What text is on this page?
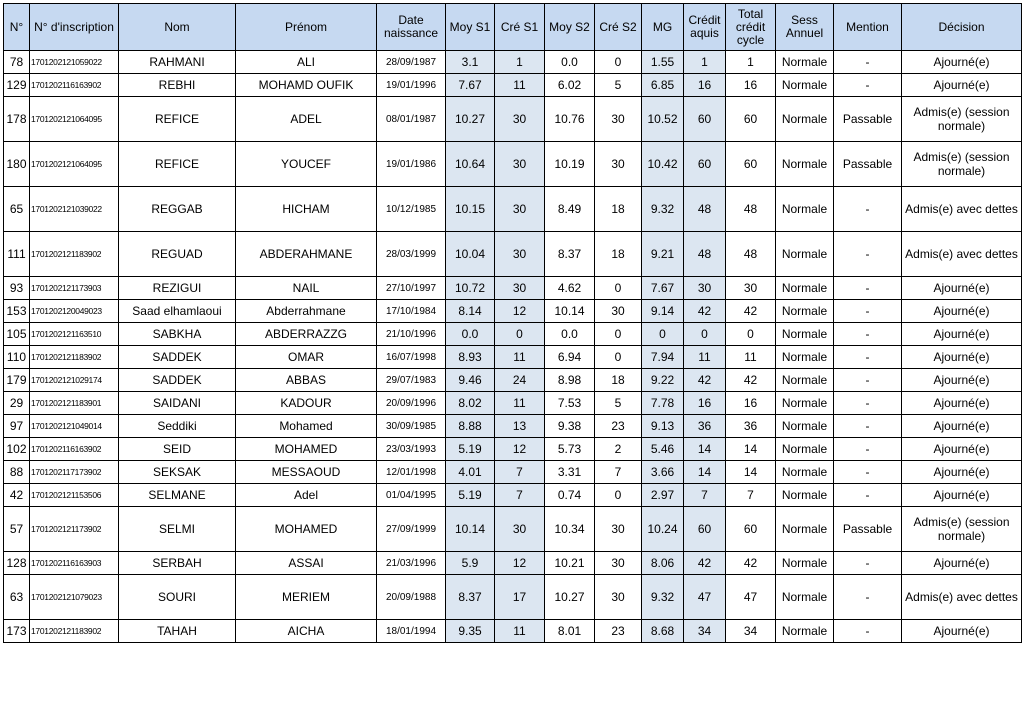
N°	N° d'inscription	Nom	Prénom	Date naissance	Moy S1	Cré S1	Moy S2	Cré S2	MG	Crédit aquis	Total crédit cycle	Sess Annuel	Mention	Décision
78	1701202121059022	RAHMANI	ALI	28/09/1987	3.1	1	0.0	0	1.55	1	1	Normale	-	Ajourné(e)
129	1701202116163902	REBHI	MOHAMD OUFIK	19/01/1996	7.67	11	6.02	5	6.85	16	16	Normale	-	Ajourné(e)
178	1701202121064095	REFICE	ADEL	08/01/1987	10.27	30	10.76	30	10.52	60	60	Normale	Passable	Admis(e) (session normale)
180	1701202121064095	REFICE	YOUCEF	19/01/1986	10.64	30	10.19	30	10.42	60	60	Normale	Passable	Admis(e) (session normale)
65	1701202121039022	REGGAB	HICHAM	10/12/1985	10.15	30	8.49	18	9.32	48	48	Normale	-	Admis(e) avec dettes
111	1701202121183902	REGUAD	ABDERAHMANE	28/03/1999	10.04	30	8.37	18	9.21	48	48	Normale	-	Admis(e) avec dettes
93	1701202121173903	REZIGUI	NAIL	27/10/1997	10.72	30	4.62	0	7.67	30	30	Normale	-	Ajourné(e)
153	1701202120049023	Saad elhamlaoui	Abderrahmane	17/10/1984	8.14	12	10.14	30	9.14	42	42	Normale	-	Ajourné(e)
105	1701202121163510	SABKHA	ABDERRAZZG	21/10/1996	0.0	0	0.0	0	0	0	0	Normale	-	Ajourné(e)
110	1701202121183902	SADDEK	OMAR	16/07/1998	8.93	11	6.94	0	7.94	11	11	Normale	-	Ajourné(e)
179	1701202121029174	SADDEK	ABBAS	29/07/1983	9.46	24	8.98	18	9.22	42	42	Normale	-	Ajourné(e)
29	1701202121183901	SAIDANI	KADOUR	20/09/1996	8.02	11	7.53	5	7.78	16	16	Normale	-	Ajourné(e)
97	1701202121049014	Seddiki	Mohamed	30/09/1985	8.88	13	9.38	23	9.13	36	36	Normale	-	Ajourné(e)
102	1701202116163902	SEID	MOHAMED	23/03/1993	5.19	12	5.73	2	5.46	14	14	Normale	-	Ajourné(e)
88	1701202117173902	SEKSAK	MESSAOUD	12/01/1998	4.01	7	3.31	7	3.66	14	14	Normale	-	Ajourné(e)
42	1701202121153506	SELMANE	Adel	01/04/1995	5.19	7	0.74	0	2.97	7	7	Normale	-	Ajourné(e)
57	1701202121173902	SELMI	MOHAMED	27/09/1999	10.14	30	10.34	30	10.24	60	60	Normale	Passable	Admis(e) (session normale)
128	1701202116163903	SERBAH	ASSAI	21/03/1996	5.9	12	10.21	30	8.06	42	42	Normale	-	Ajourné(e)
63	1701202121079023	SOURI	MERIEM	20/09/1988	8.37	17	10.27	30	9.32	47	47	Normale	-	Admis(e) avec dettes
173	1701202121183902	TAHAH	AICHA	18/01/1994	9.35	11	8.01	23	8.68	34	34	Normale	-	Ajourné(e)
